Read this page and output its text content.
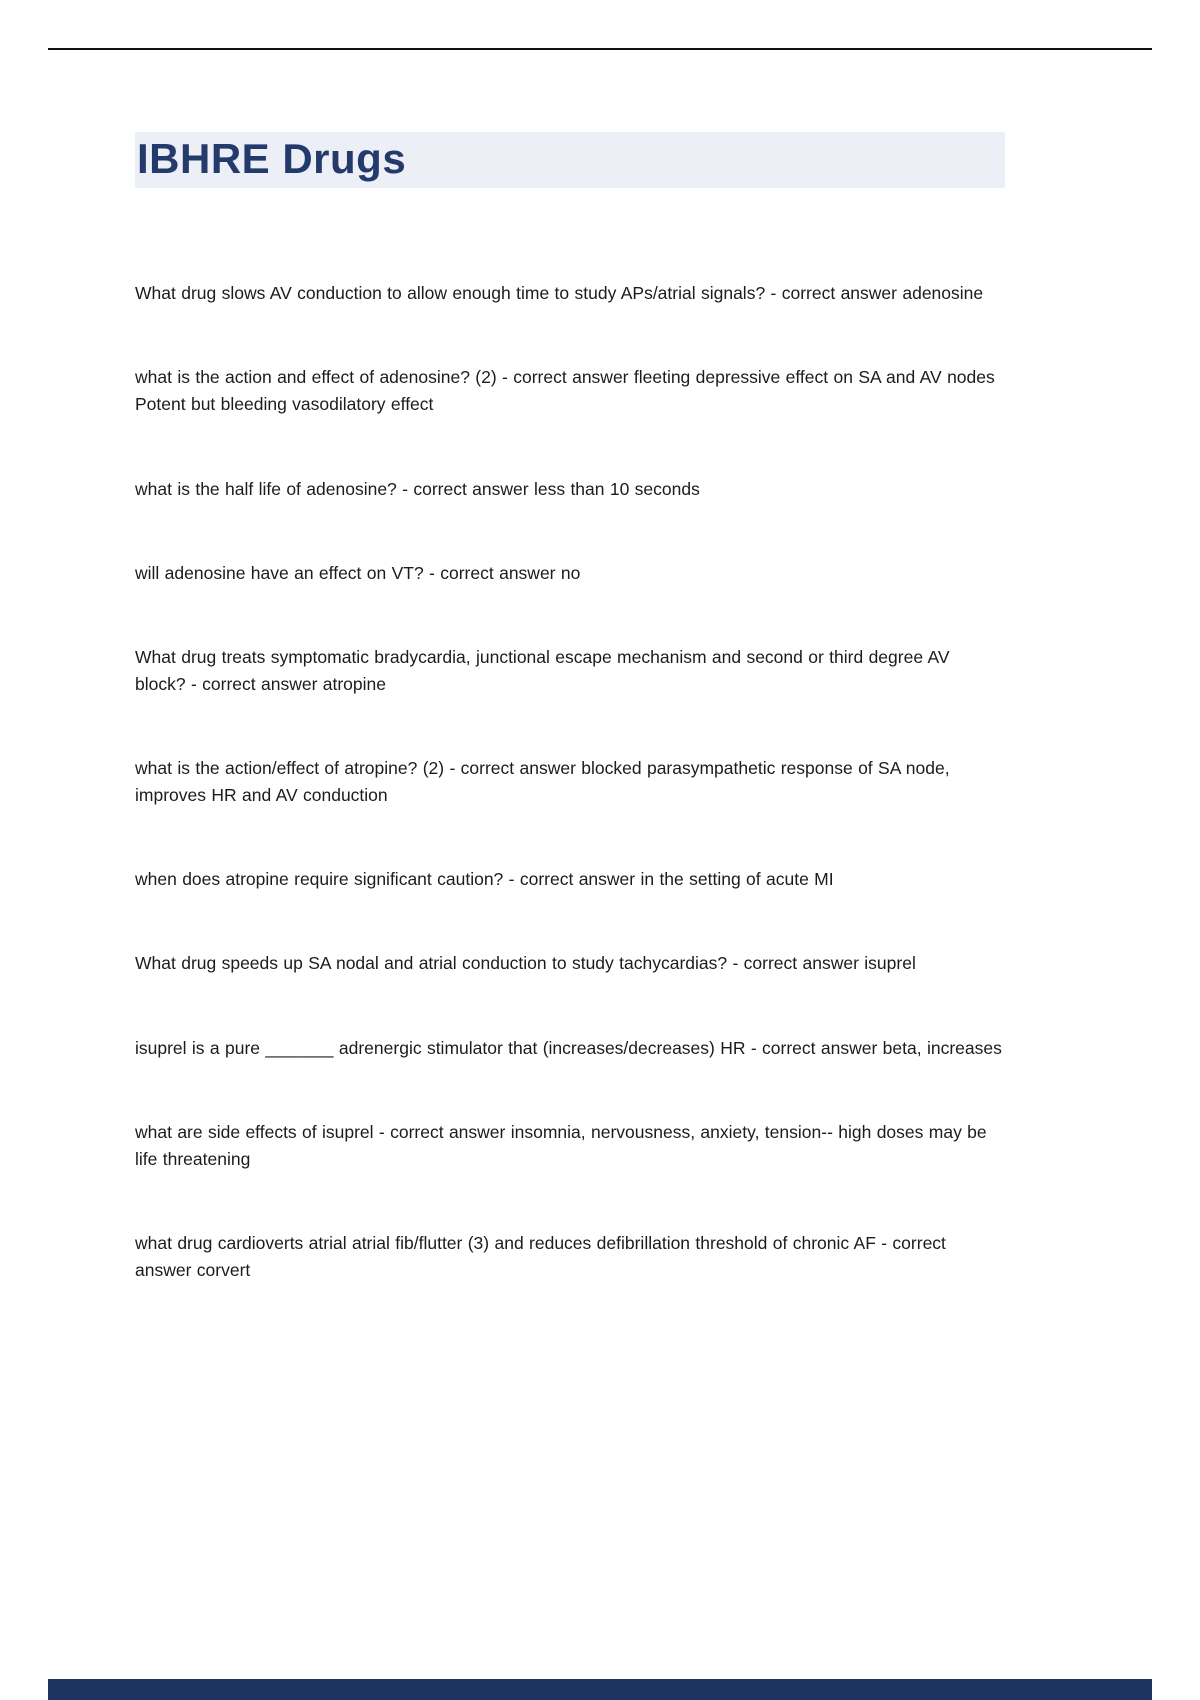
IBHRE Drugs

What drug slows AV conduction to allow enough time to study APs/atrial signals? - correct answer adenosine

what is the action and effect of adenosine? (2) - correct answer fleeting depressive effect on SA and AV nodes Potent but bleeding vasodilatory effect

what is the half life of adenosine? - correct answer less than 10 seconds

will adenosine have an effect on VT? - correct answer no

What drug treats symptomatic bradycardia, junctional escape mechanism and second or third degree AV block? - correct answer atropine

what is the action/effect of atropine? (2) - correct answer blocked parasympathetic response of SA node, improves HR and AV conduction

when does atropine require significant caution? - correct answer in the setting of acute MI

What drug speeds up SA nodal and atrial conduction to study tachycardias? - correct answer isuprel

isuprel is a pure _______ adrenergic stimulator that (increases/decreases) HR - correct answer beta, increases

what are side effects of isuprel - correct answer insomnia, nervousness, anxiety, tension-- high doses may be life threatening

what drug cardioverts atrial atrial fib/flutter (3) and reduces defibrillation threshold of chronic AF - correct answer corvert
